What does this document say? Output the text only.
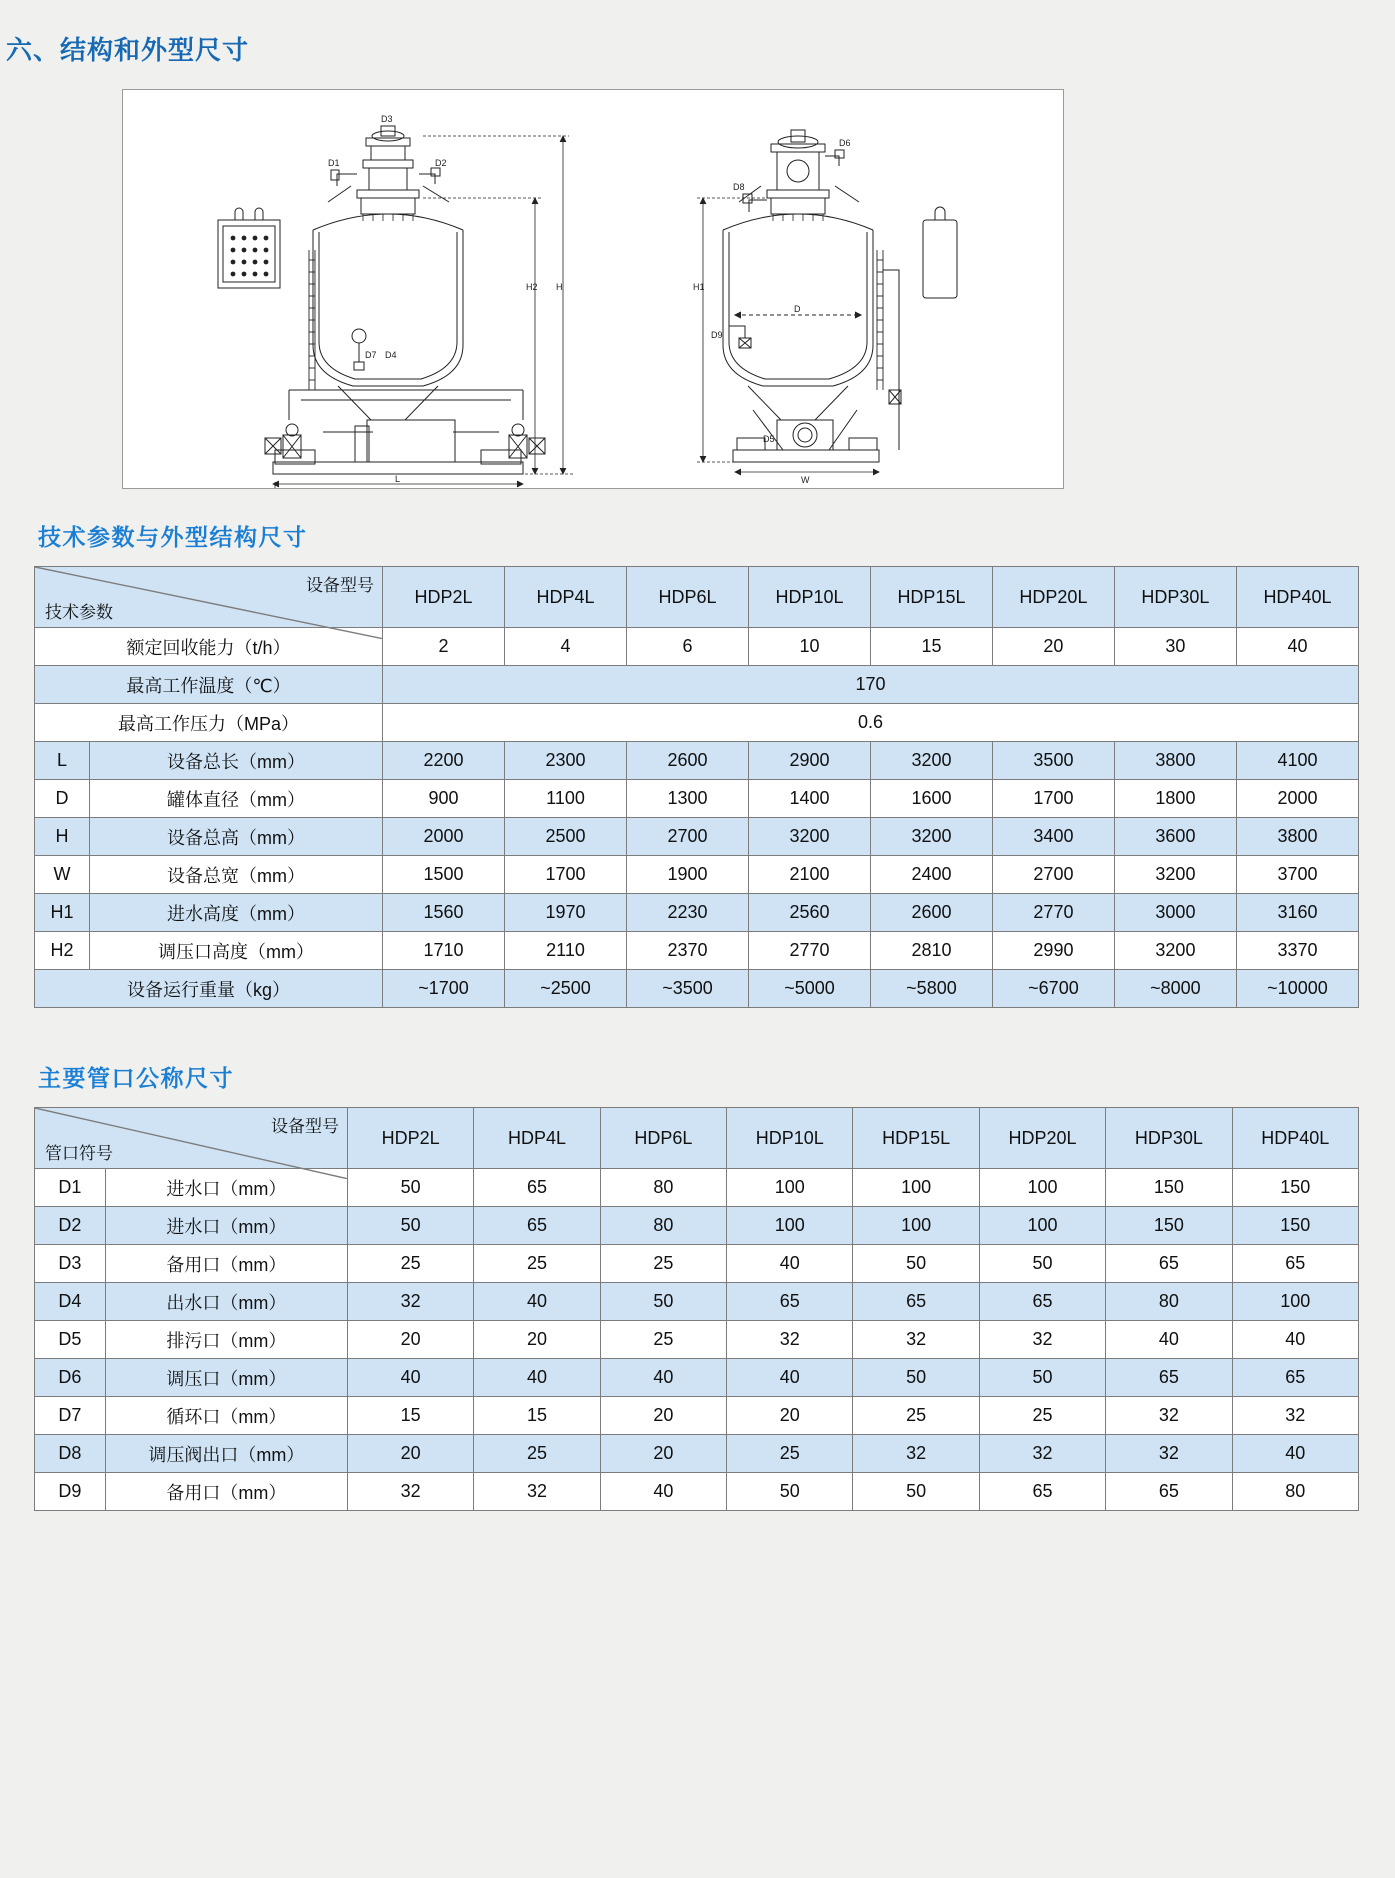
六、结构和外型尺寸
H
H2
L
D3
D1	D2
D7 D4
H1
D
D6
D8
D9
D5
W
技术参数与外型结构尺寸
设备型号
技术参数		HDP2L	HDP4L	HDP6L	HDP10L	HDP15L	HDP20L	HDP30L	HDP40L
额定回收能力（t/h）		2	4	6	10	15	20	30	40
最高工作温度（℃）		170							
最高工作压力（MPa）		0.6							
L	设备总长（mm）	2200	2300	2600	2900	3200	3500	3800	4100
D	罐体直径（mm）	900	1100	1300	1400	1600	1700	1800	2000
H	设备总高（mm）	2000	2500	2700	3200	3200	3400	3600	3800
W	设备总宽（mm）	1500	1700	1900	2100	2400	2700	3200	3700
H1	进水高度（mm）	1560	1970	2230	2560	2600	2770	3000	3160
H2	调压口高度（mm）	1710	2110	2370	2770	2810	2990	3200	3370
设备运行重量（kg）		~1700	~2500	~3500	~5000	~5800	~6700	~8000	~10000
主要管口公称尺寸
设备型号
管口符号		HDP2L	HDP4L	HDP6L	HDP10L	HDP15L	HDP20L	HDP30L	HDP40L
D1	进水口（mm）	50	65	80	100	100	100	150	150
D2	进水口（mm）	50	65	80	100	100	100	150	150
D3	备用口（mm）	25	25	25	40	50	50	65	65
D4	出水口（mm）	32	40	50	65	65	65	80	100
D5	排污口（mm）	20	20	25	32	32	32	40	40
D6	调压口（mm）	40	40	40	40	50	50	65	65
D7	循环口（mm）	15	15	20	20	25	25	32	32
D8	调压阀出口（mm）	20	25	20	25	32	32	32	40
D9	备用口（mm）	32	32	40	50	50	65	65	80
